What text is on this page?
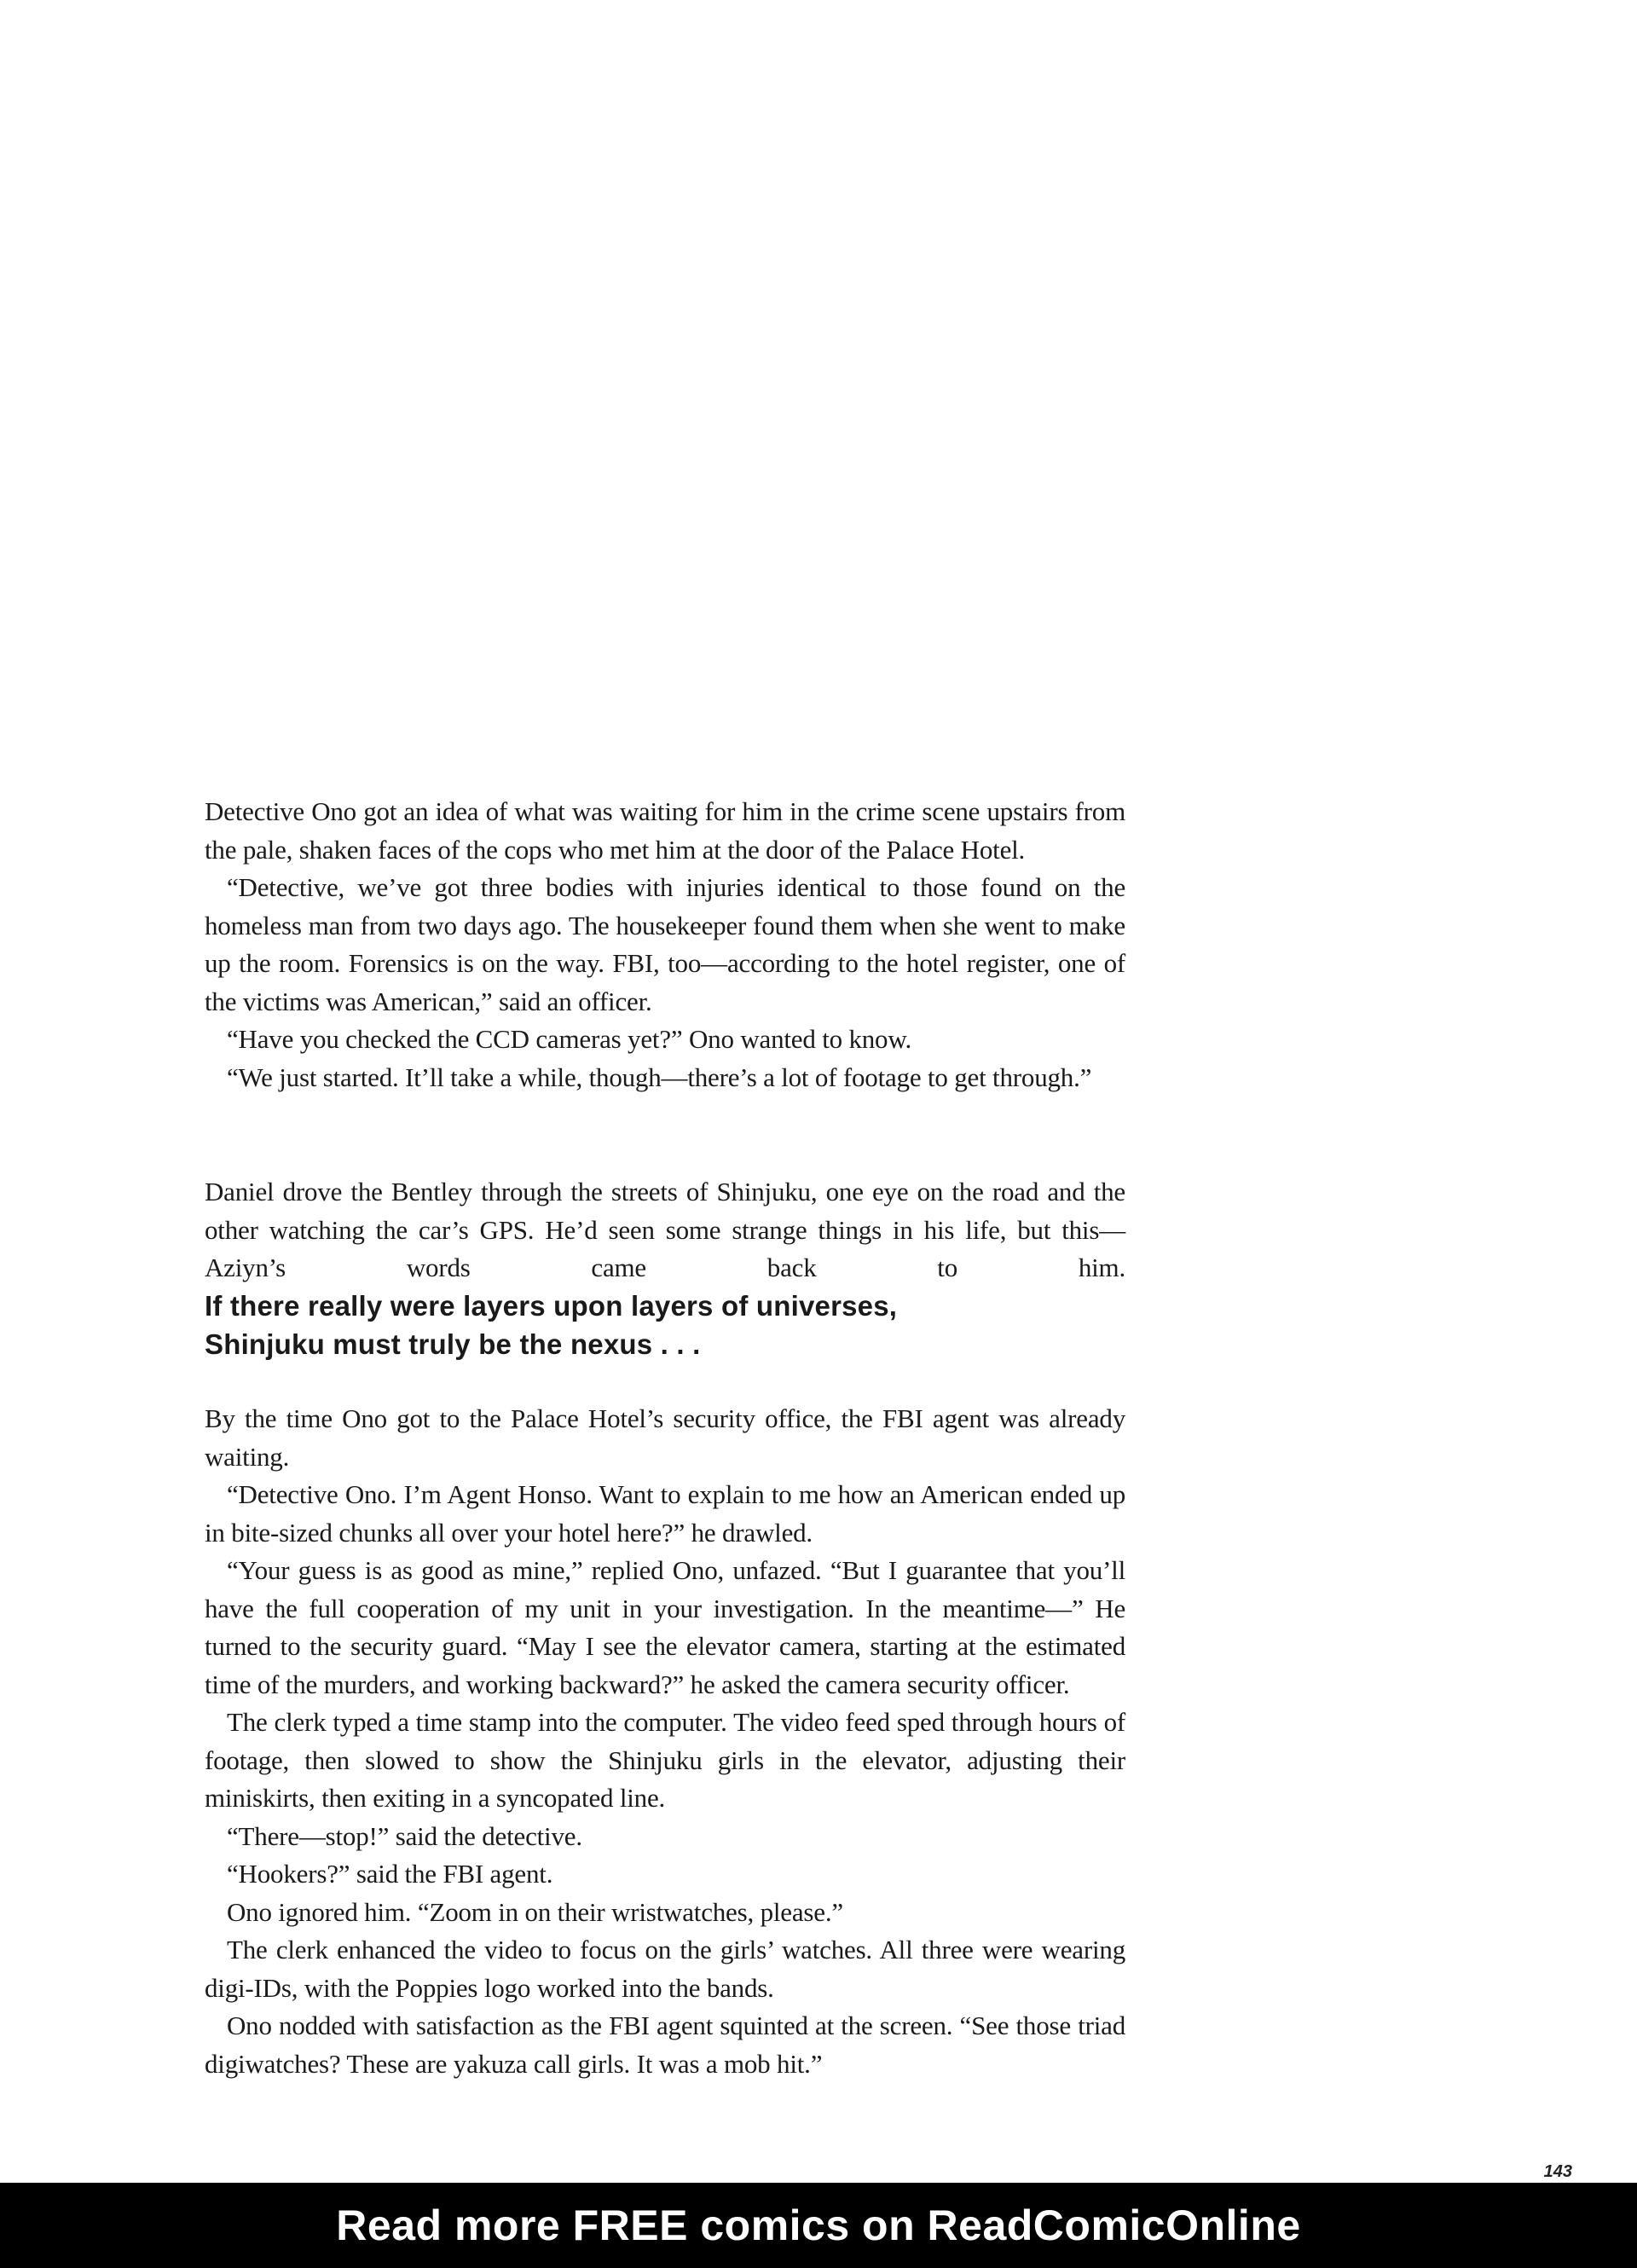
Detective Ono got an idea of what was waiting for him in the crime scene upstairs from the pale, shaken faces of the cops who met him at the door of the Palace Hotel.

“Detective, we’ve got three bodies with injuries identical to those found on the homeless man from two days ago. The housekeeper found them when she went to make up the room. Forensics is on the way. FBI, too—according to the hotel register, one of the victims was American,” said an officer.

“Have you checked the CCD cameras yet?” Ono wanted to know.

“We just started. It’ll take a while, though—there’s a lot of footage to get through.”

Daniel drove the Bentley through the streets of Shinjuku, one eye on the road and the other watching the car’s GPS. He’d seen some strange things in his life, but this— Aziyn’s words came back to him. If there really were layers upon layers of universes,
Shinjuku must truly be the nexus . . .

By the time Ono got to the Palace Hotel’s security office, the FBI agent was already waiting.

“Detective Ono. I’m Agent Honso. Want to explain to me how an American ended up in bite-sized chunks all over your hotel here?” he drawled.

“Your guess is as good as mine,” replied Ono, unfazed. “But I guarantee that you’ll have the full cooperation of my unit in your investigation. In the meantime—” He turned to the security guard. “May I see the elevator camera, starting at the estimated time of the murders, and working backward?” he asked the camera security officer.

The clerk typed a time stamp into the computer. The video feed sped through hours of footage, then slowed to show the Shinjuku girls in the elevator, adjusting their miniskirts, then exiting in a syncopated line.

“There—stop!” said the detective.

“Hookers?” said the FBI agent.

Ono ignored him. “Zoom in on their wristwatches, please.”

The clerk enhanced the video to focus on the girls’ watches. All three were wearing digi-IDs, with the Poppies logo worked into the bands.

Ono nodded with satisfaction as the FBI agent squinted at the screen. “See those triad digiwatches? These are yakuza call girls. It was a mob hit.”

143
Read more FREE comics on ReadComicOnline
